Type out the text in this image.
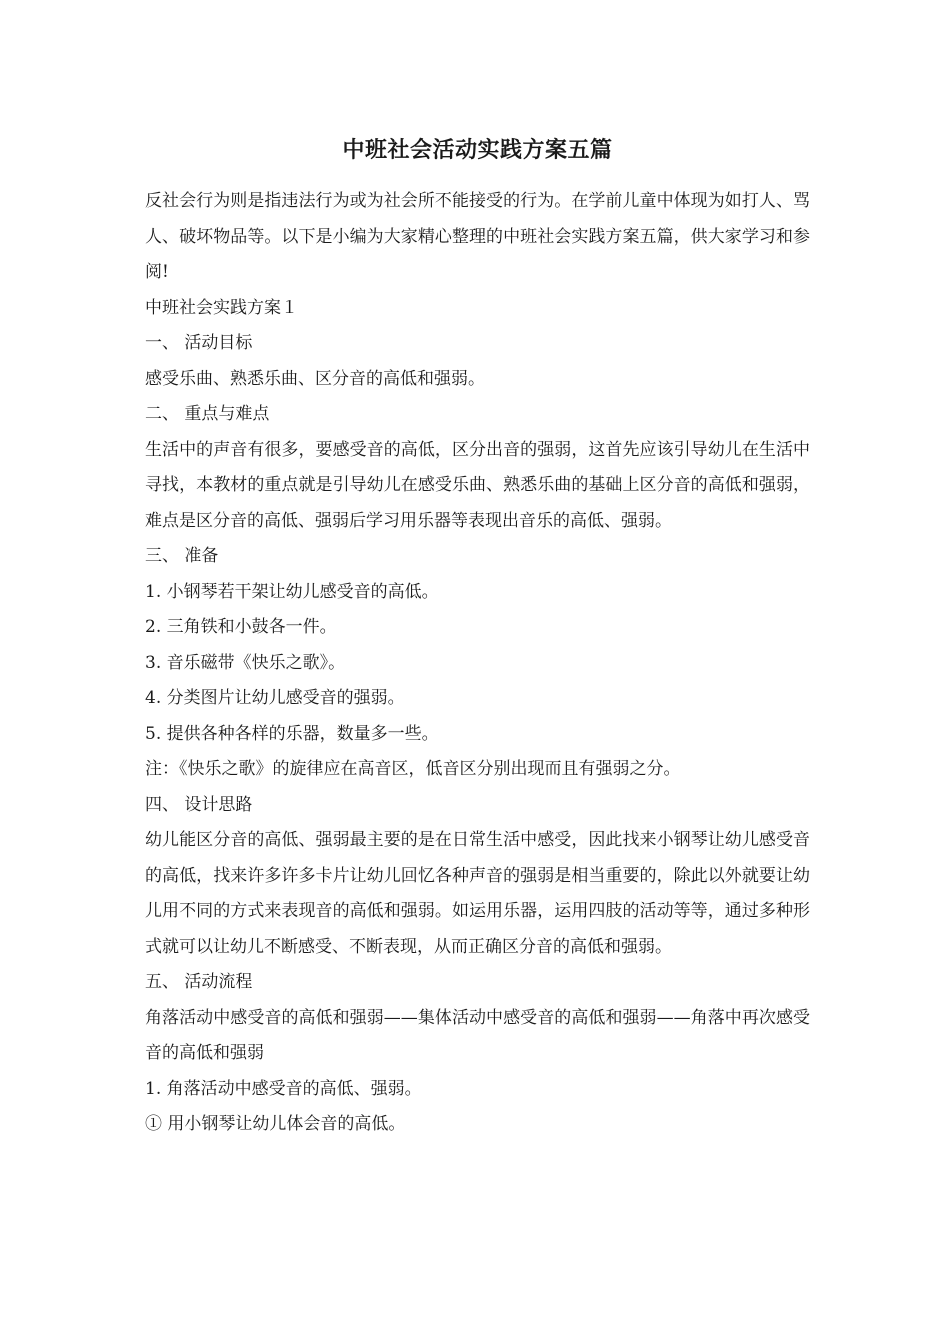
中班社会活动实践方案五篇

反社会行为则是指违法行为或为社会所不能接受的行为。在学前儿童中体现为如打人、骂人、破坏物品等。以下是小编为大家精心整理的中班社会实践方案五篇，供大家学习和参阅!

中班社会实践方案１

一、 活动目标

感受乐曲、熟悉乐曲、区分音的高低和强弱。

二、 重点与难点

生活中的声音有很多，要感受音的高低，区分出音的强弱，这首先应该引导幼儿在生活中寻找，本教材的重点就是引导幼儿在感受乐曲、熟悉乐曲的基础上区分音的高低和强弱，难点是区分音的高低、强弱后学习用乐器等表现出音乐的高低、强弱。

三、 准备

1. 小钢琴若干架让幼儿感受音的高低。

2. 三角铁和小鼓各一件。

3. 音乐磁带《快乐之歌》。

4. 分类图片让幼儿感受音的强弱。

5. 提供各种各样的乐器，数量多一些。

注：《快乐之歌》的旋律应在高音区，低音区分别出现而且有强弱之分。

四、 设计思路

幼儿能区分音的高低、强弱最主要的是在日常生活中感受，因此找来小钢琴让幼儿感受音的高低，找来许多许多卡片让幼儿回忆各种声音的强弱是相当重要的，除此以外就要让幼儿用不同的方式来表现音的高低和强弱。如运用乐器，运用四肢的活动等等，通过多种形式就可以让幼儿不断感受、不断表现，从而正确区分音的高低和强弱。

五、 活动流程

角落活动中感受音的高低和强弱——集体活动中感受音的高低和强弱——角落中再次感受音的高低和强弱

1. 角落活动中感受音的高低、强弱。

① 用小钢琴让幼儿体会音的高低。
